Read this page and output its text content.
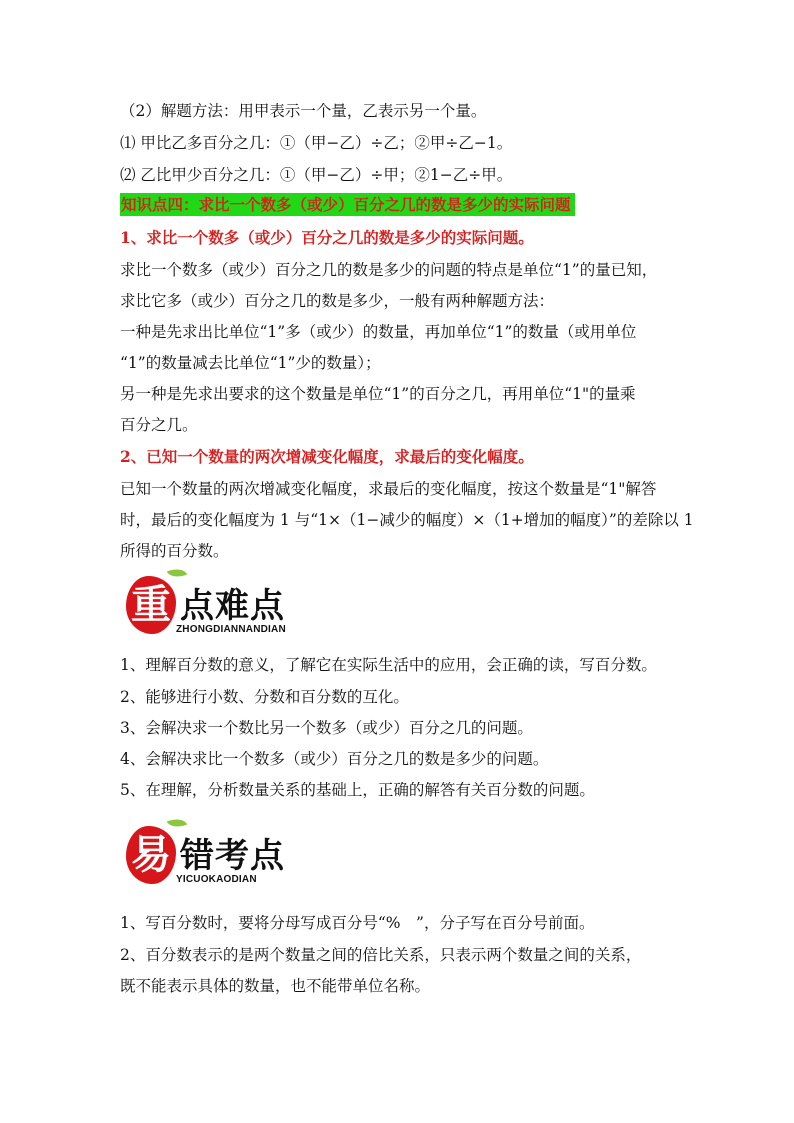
（2）解题方法：用甲表示一个量，乙表示另一个量。
⑴ 甲比乙多百分之几：①（甲−乙）÷乙；②甲÷乙−1。
⑵ 乙比甲少百分之几：①（甲−乙）÷甲；②1−乙÷甲。
知识点四：求比一个数多（或少）百分之几的数是多少的实际问题
1、求比一个数多（或少）百分之几的数是多少的实际问题。
求比一个数多（或少）百分之几的数是多少的问题的特点是单位“1”的量已知，
求比它多（或少）百分之几的数是多少，一般有两种解题方法：
一种是先求出比单位“1”多（或少）的数量，再加单位“1”的数量（或用单位
“1”的数量减去比单位“1”少的数量）；
另一种是先求出要求的这个数量是单位“1”的百分之几，再用单位“1"的量乘
百分之几。
2、已知一个数量的两次增减变化幅度，求最后的变化幅度。
已知一个数量的两次增减变化幅度，求最后的变化幅度，按这个数量是“1"解答
时，最后的变化幅度为 1 与“1×（1−减少的幅度）×（1+增加的幅度）”的差除以 1
所得的百分数。
重 点难点
ZHONGDIANNANDIAN
1、理解百分数的意义，了解它在实际生活中的应用，会正确的读，写百分数。
2、能够进行小数、分数和百分数的互化。
3、会解决求一个数比另一个数多（或少）百分之几的问题。
4、会解决求比一个数多（或少）百分之几的数是多少的问题。
5、在理解，分析数量关系的基础上，正确的解答有关百分数的问题。
易 错考点
YICUOKAODIAN
1、写百分数时，要将分母写成百分号“%　”，分子写在百分号前面。
2、百分数表示的是两个数量之间的倍比关系，只表示两个数量之间的关系，
既不能表示具体的数量，也不能带单位名称。
